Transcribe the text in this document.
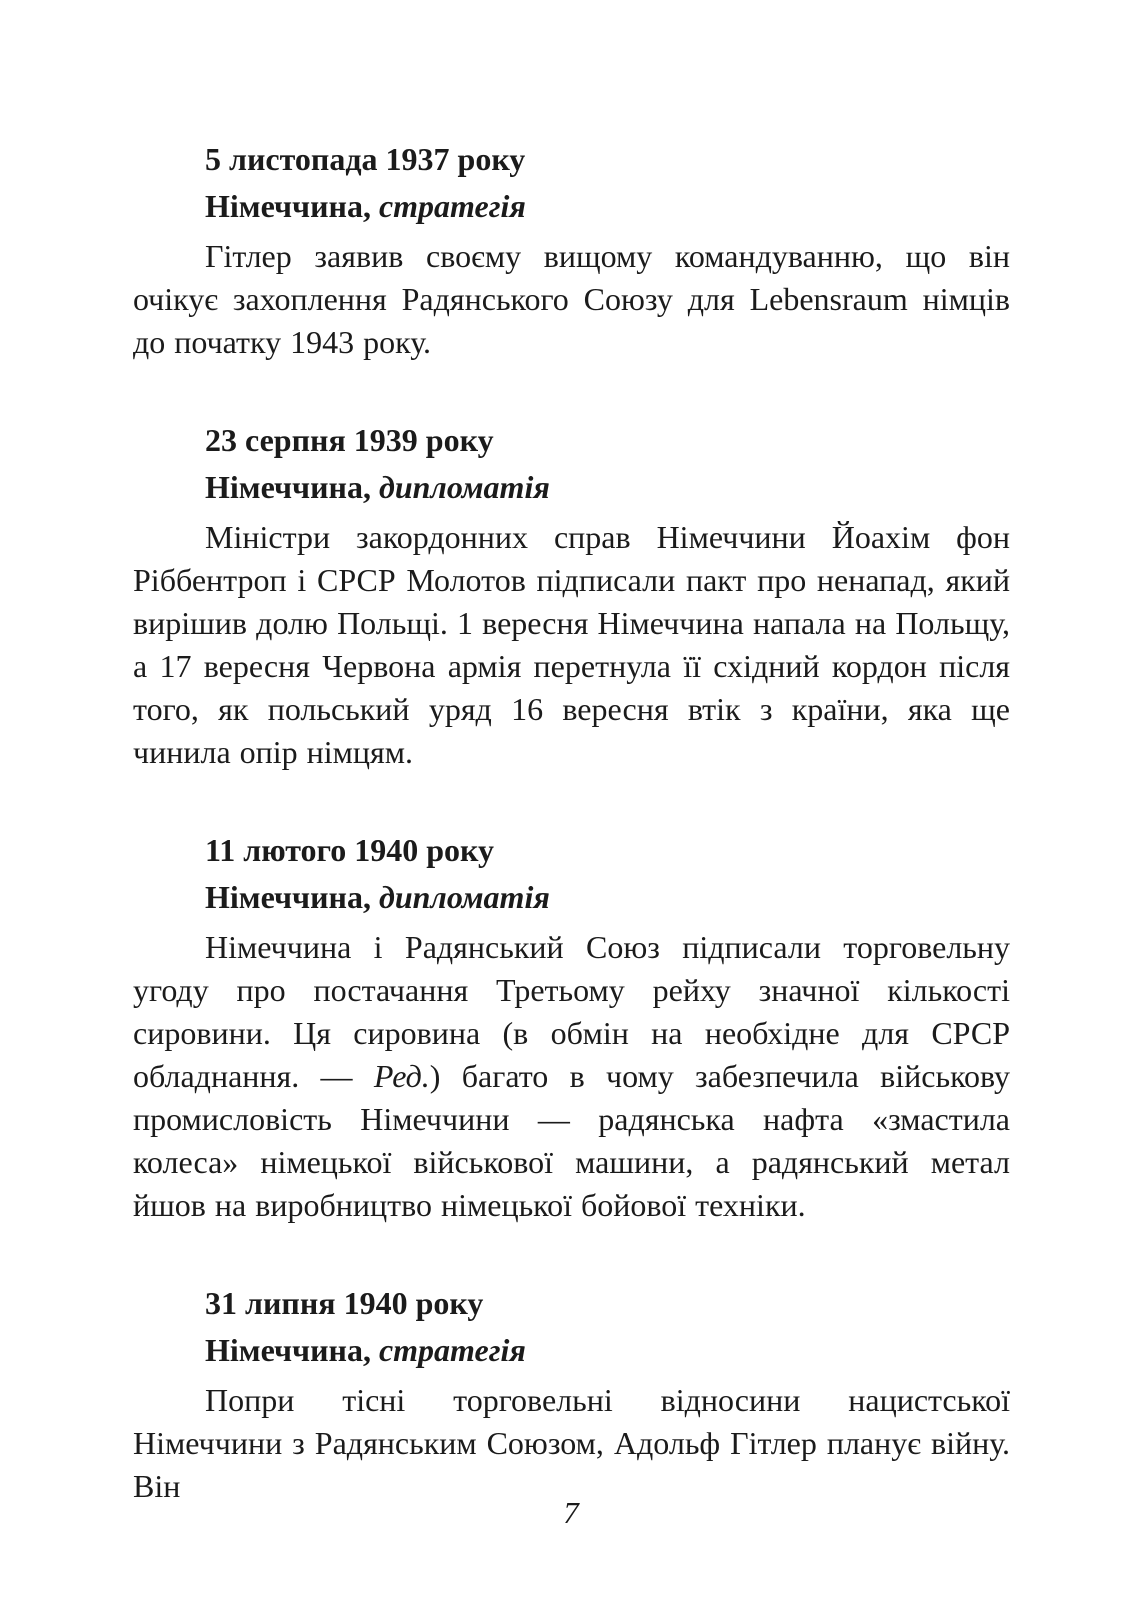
5 листопада 1937 року
Німеччина, стратегія

Гітлер заявив своєму вищому командуванню, що він очікує захоплення Радянського Союзу для Lebensraum німців до початку 1943 року.

23 серпня 1939 року
Німеччина, дипломатія

Міністри закордонних справ Німеччини Йоахім фон Ріббентроп і СРСР Молотов підписали пакт про ненапад, який вирішив долю Польщі. 1 вересня Німеччина напала на Польщу, а 17 вересня Червона армія перетнула її східний кордон після того, як польський уряд 16 вересня втік з країни, яка ще чинила опір німцям.

11 лютого 1940 року
Німеччина, дипломатія

Німеччина і Радянський Союз підписали торговельну угоду про постачання Третьому рейху значної кількості сировини. Ця сировина (в обмін на необхідне для СРСР обладнання. — Ред.) багато в чому забезпечила військову промисловість Німеччини — радянська нафта «змастила колеса» німецької військової машини, а радянський метал йшов на виробництво німецької бойової техніки.

31 липня 1940 року
Німеччина, стратегія

Попри тісні торговельні відносини нацистської Німеччини з Радянським Союзом, Адольф Гітлер планує війну. Він

7
